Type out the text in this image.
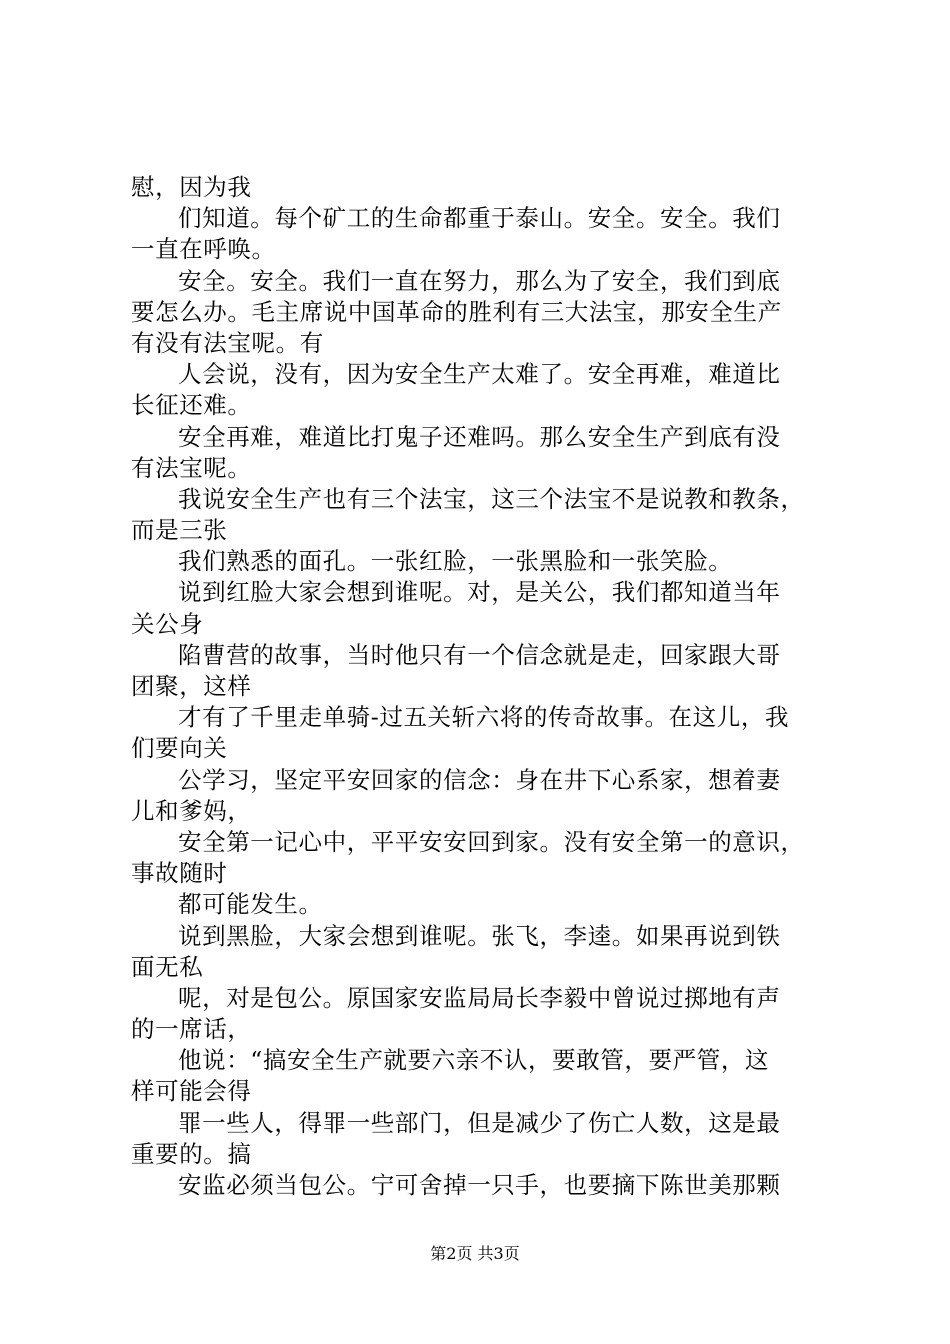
慰，因为我
们知道。每个矿工的生命都重于泰山。安全。安全。我们
一直在呼唤。
安全。安全。我们一直在努力，那么为了安全，我们到底
要怎么办。毛主席说中国革命的胜利有三大法宝，那安全生产
有没有法宝呢。有
人会说，没有，因为安全生产太难了。安全再难，难道比
长征还难。
安全再难，难道比打鬼子还难吗。那么安全生产到底有没
有法宝呢。
我说安全生产也有三个法宝，这三个法宝不是说教和教条，
而是三张
我们熟悉的面孔。一张红脸，一张黑脸和一张笑脸。
说到红脸大家会想到谁呢。对，是关公，我们都知道当年
关公身
陷曹营的故事，当时他只有一个信念就是走，回家跟大哥
团聚，这样
才有了千里走单骑-过五关斩六将的传奇故事。在这儿，我
们要向关
公学习，坚定平安回家的信念：身在井下心系家，想着妻
儿和爹妈，
安全第一记心中，平平安安回到家。没有安全第一的意识，
事故随时
都可能发生。
说到黑脸，大家会想到谁呢。张飞，李逵。如果再说到铁
面无私
呢，对是包公。原国家安监局局长李毅中曾说过掷地有声
的一席话，
他说：“搞安全生产就要六亲不认，要敢管，要严管，这
样可能会得
罪一些人，得罪一些部门，但是减少了伤亡人数，这是最
重要的。搞
安监必须当包公。宁可舍掉一只手，也要摘下陈世美那颗
第2页 共3页
